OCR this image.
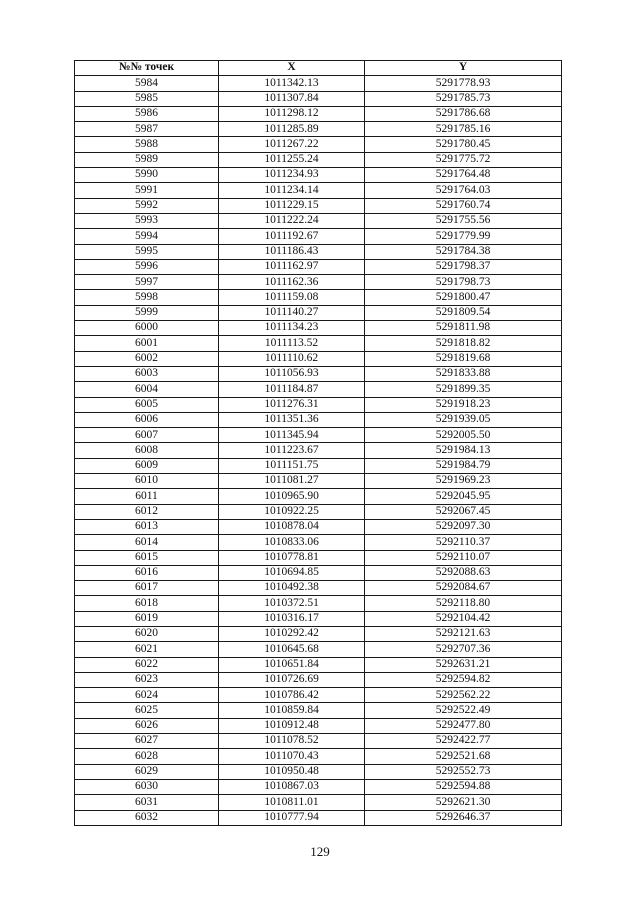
№№ точек	X	Y
5984	1011342.13	5291778.93
5985	1011307.84	5291785.73
5986	1011298.12	5291786.68
5987	1011285.89	5291785.16
5988	1011267.22	5291780.45
5989	1011255.24	5291775.72
5990	1011234.93	5291764.48
5991	1011234.14	5291764.03
5992	1011229.15	5291760.74
5993	1011222.24	5291755.56
5994	1011192.67	5291779.99
5995	1011186.43	5291784.38
5996	1011162.97	5291798.37
5997	1011162.36	5291798.73
5998	1011159.08	5291800.47
5999	1011140.27	5291809.54
6000	1011134.23	5291811.98
6001	1011113.52	5291818.82
6002	1011110.62	5291819.68
6003	1011056.93	5291833.88
6004	1011184.87	5291899.35
6005	1011276.31	5291918.23
6006	1011351.36	5291939.05
6007	1011345.94	5292005.50
6008	1011223.67	5291984.13
6009	1011151.75	5291984.79
6010	1011081.27	5291969.23
6011	1010965.90	5292045.95
6012	1010922.25	5292067.45
6013	1010878.04	5292097.30
6014	1010833.06	5292110.37
6015	1010778.81	5292110.07
6016	1010694.85	5292088.63
6017	1010492.38	5292084.67
6018	1010372.51	5292118.80
6019	1010316.17	5292104.42
6020	1010292.42	5292121.63
6021	1010645.68	5292707.36
6022	1010651.84	5292631.21
6023	1010726.69	5292594.82
6024	1010786.42	5292562.22
6025	1010859.84	5292522.49
6026	1010912.48	5292477.80
6027	1011078.52	5292422.77
6028	1011070.43	5292521.68
6029	1010950.48	5292552.73
6030	1010867.03	5292594.88
6031	1010811.01	5292621.30
6032	1010777.94	5292646.37
129
